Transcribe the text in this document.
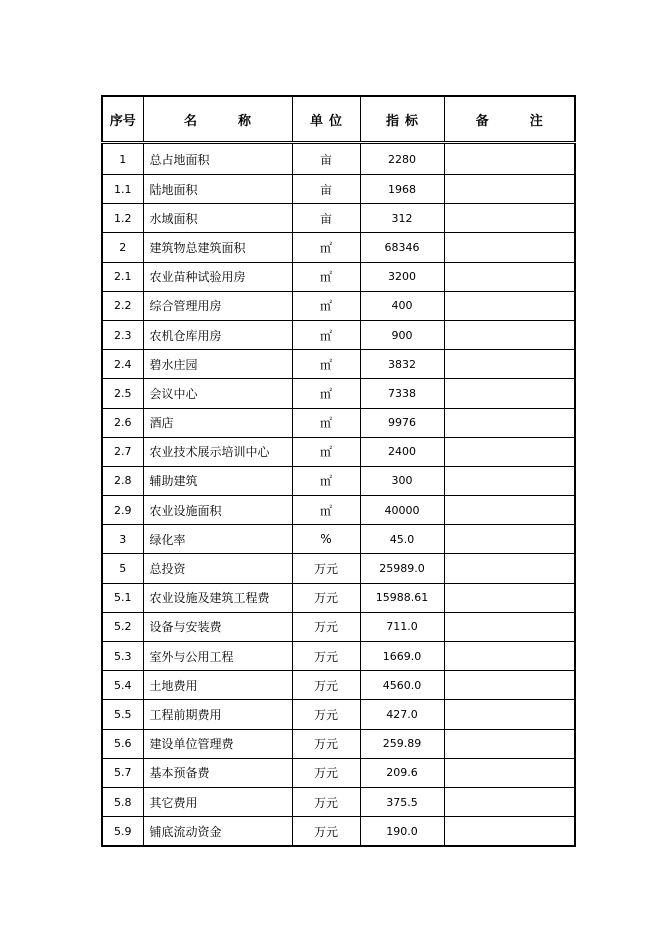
序号	名　称	单位	指标	备　注
1	总占地面积	亩	2280	
1.1	陆地面积	亩	1968	
1.2	水域面积	亩	312	
2	建筑物总建筑面积	㎡	68346	
2.1	农业苗种试验用房	㎡	3200	
2.2	综合管理用房	㎡	400	
2.3	农机仓库用房	㎡	900	
2.4	碧水庄园	㎡	3832	
2.5	会议中心	㎡	7338	
2.6	酒店	㎡	9976	
2.7	农业技术展示培训中心	㎡	2400	
2.8	辅助建筑	㎡	300	
2.9	农业设施面积	㎡	40000	
3	绿化率	%	45.0	
5	总投资	万元	25989.0	
5.1	农业设施及建筑工程费	万元	15988.61	
5.2	设备与安装费	万元	711.0	
5.3	室外与公用工程	万元	1669.0	
5.4	土地费用	万元	4560.0	
5.5	工程前期费用	万元	427.0	
5.6	建设单位管理费	万元	259.89	
5.7	基本预备费	万元	209.6	
5.8	其它费用	万元	375.5	
5.9	铺底流动资金	万元	190.0	
